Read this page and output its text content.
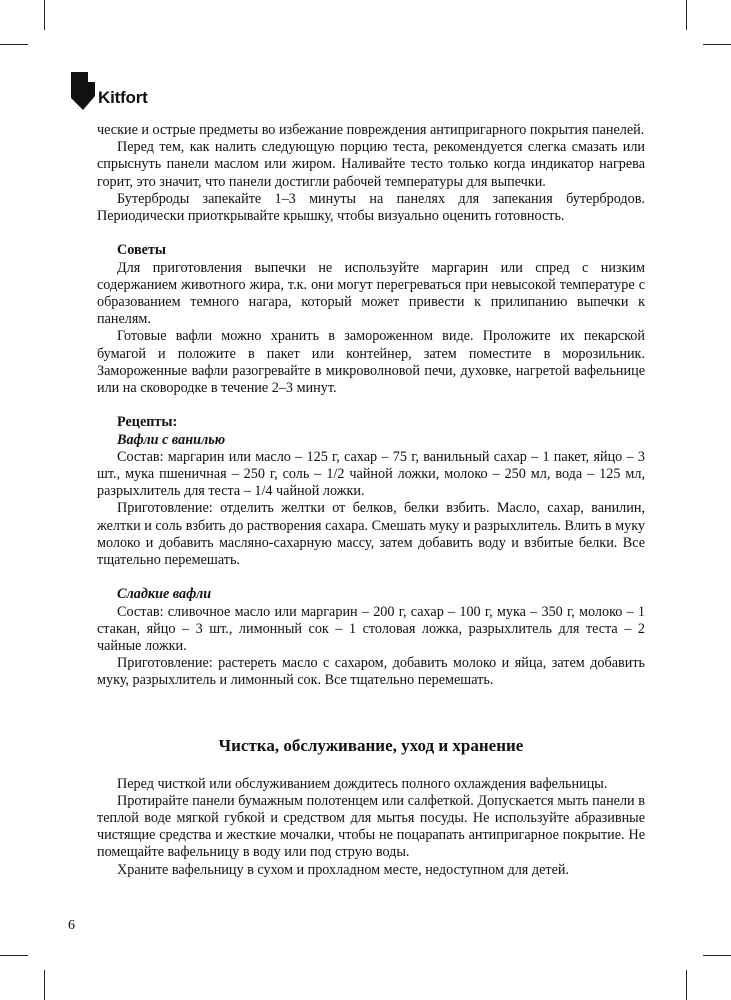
Kitfort

ческие и острые предметы во избежание повреждения антипригарного покрытия панелей.

Перед тем, как налить следующую порцию теста, рекомендуется слегка смазать или спрыснуть панели маслом или жиром. Наливайте тесто только когда индикатор нагрева горит, это значит, что панели достигли рабочей температуры для выпечки.

Бутерброды запекайте 1–3 минуты на панелях для запекания бутербродов. Периодически приоткрывайте крышку, чтобы визуально оценить готовность.

Советы

Для приготовления выпечки не используйте маргарин или спред с низким содержанием животного жира, т.к. они могут перегреваться при невысокой температуре с образованием темного нагара, который может привести к прилипанию выпечки к панелям.

Готовые вафли можно хранить в замороженном виде. Проложите их пекарской бумагой и положите в пакет или контейнер, затем поместите в морозильник. Замороженные вафли разогревайте в микроволновой печи, духовке, нагретой вафельнице или на сковородке в течение 2–3 минут.

Рецепты:
Вафли с ванилью

Состав: маргарин или масло – 125 г, сахар – 75 г, ванильный сахар – 1 пакет, яйцо – 3 шт., мука пшеничная – 250 г, соль – 1/2 чайной ложки, молоко – 250 мл, вода – 125 мл, разрыхлитель для теста – 1/4 чайной ложки.

Приготовление: отделить желтки от белков, белки взбить. Масло, сахар, ванилин, желтки и соль взбить до растворения сахара. Смешать муку и разрыхлитель. Влить в муку молоко и добавить масляно-сахарную массу, затем добавить воду и взбитые белки. Все тщательно перемешать.

Сладкие вафли

Состав: сливочное масло или маргарин – 200 г, сахар – 100 г, мука – 350 г, молоко – 1 стакан, яйцо – 3 шт., лимонный сок – 1 столовая ложка, разрыхлитель для теста – 2 чайные ложки.

Приготовление: растереть масло с сахаром, добавить молоко и яйца, затем добавить муку, разрыхлитель и лимонный сок. Все тщательно перемешать.

Чистка, обслуживание, уход и хранение

Перед чисткой или обслуживанием дождитесь полного охлаждения вафельницы.

Протирайте панели бумажным полотенцем или салфеткой. Допускается мыть панели в теплой воде мягкой губкой и средством для мытья посуды. Не используйте абразивные чистящие средства и жесткие мочалки, чтобы не поцарапать антипригарное покрытие. Не помещайте вафельницу в воду или под струю воды.

Храните вафельницу в сухом и прохладном месте, недоступном для детей.

6
